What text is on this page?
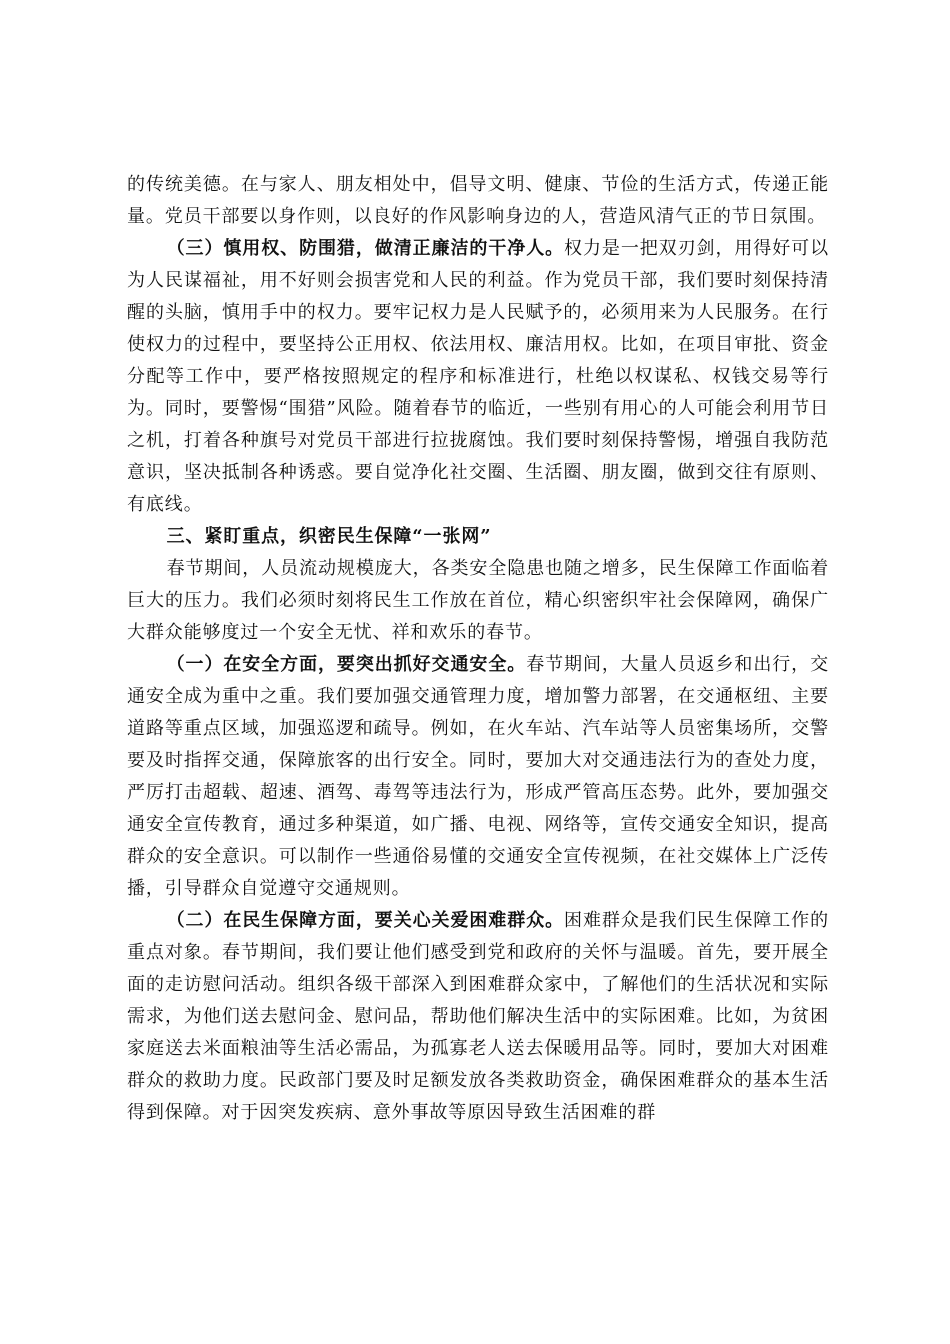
的传统美德。在与家人、朋友相处中，倡导文明、健康、节俭的生活方式，传递正能量。党员干部要以身作则，以良好的作风影响身边的人，营造风清气正的节日氛围。

（三）慎用权、防围猎，做清正廉洁的干净人。权力是一把双刃剑，用得好可以为人民谋福祉，用不好则会损害党和人民的利益。作为党员干部，我们要时刻保持清醒的头脑，慎用手中的权力。要牢记权力是人民赋予的，必须用来为人民服务。在行使权力的过程中，要坚持公正用权、依法用权、廉洁用权。比如，在项目审批、资金分配等工作中，要严格按照规定的程序和标准进行，杜绝以权谋私、权钱交易等行为。同时，要警惕“围猎”风险。随着春节的临近，一些别有用心的人可能会利用节日之机，打着各种旗号对党员干部进行拉拢腐蚀。我们要时刻保持警惕，增强自我防范意识，坚决抵制各种诱惑。要自觉净化社交圈、生活圈、朋友圈，做到交往有原则、有底线。

三、紧盯重点，织密民生保障“一张网”

春节期间，人员流动规模庞大，各类安全隐患也随之增多，民生保障工作面临着巨大的压力。我们必须时刻将民生工作放在首位，精心织密织牢社会保障网，确保广大群众能够度过一个安全无忧、祥和欢乐的春节。

（一）在安全方面，要突出抓好交通安全。春节期间，大量人员返乡和出行，交通安全成为重中之重。我们要加强交通管理力度，增加警力部署，在交通枢纽、主要道路等重点区域，加强巡逻和疏导。例如，在火车站、汽车站等人员密集场所，交警要及时指挥交通，保障旅客的出行安全。同时，要加大对交通违法行为的查处力度，严厉打击超载、超速、酒驾、毒驾等违法行为，形成严管高压态势。此外，要加强交通安全宣传教育，通过多种渠道，如广播、电视、网络等，宣传交通安全知识，提高群众的安全意识。可以制作一些通俗易懂的交通安全宣传视频，在社交媒体上广泛传播，引导群众自觉遵守交通规则。

（二）在民生保障方面，要关心关爱困难群众。困难群众是我们民生保障工作的重点对象。春节期间，我们要让他们感受到党和政府的关怀与温暖。首先，要开展全面的走访慰问活动。组织各级干部深入到困难群众家中，了解他们的生活状况和实际需求，为他们送去慰问金、慰问品，帮助他们解决生活中的实际困难。比如，为贫困家庭送去米面粮油等生活必需品，为孤寡老人送去保暖用品等。同时，要加大对困难群众的救助力度。民政部门要及时足额发放各类救助资金，确保困难群众的基本生活得到保障。对于因突发疾病、意外事故等原因导致生活困难的群
